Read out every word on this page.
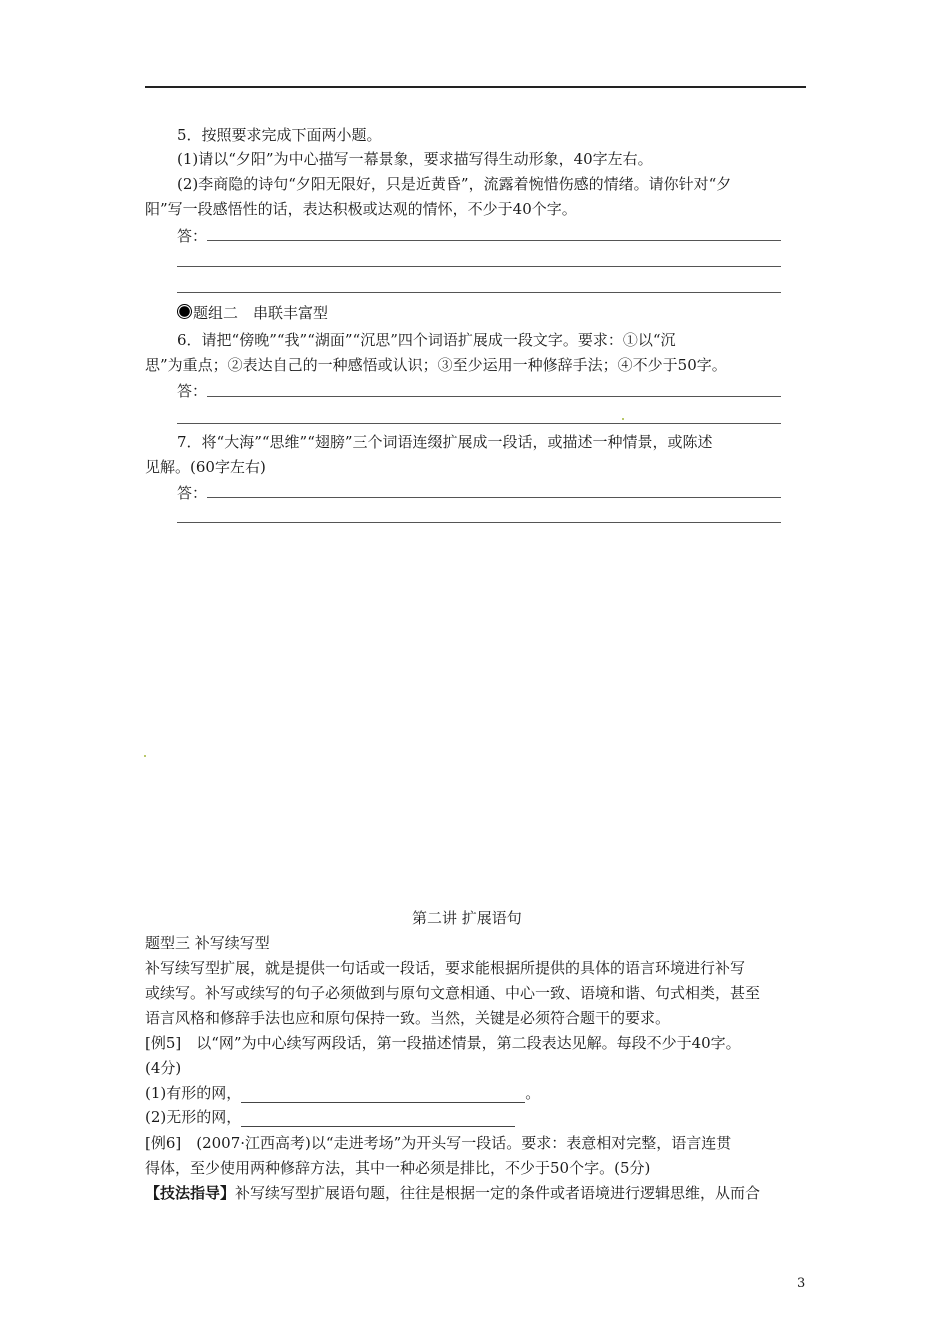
5．按照要求完成下面两小题。
(1)请以“夕阳”为中心描写一幕景象，要求描写得生动形象，40字左右。
(2)李商隐的诗句“夕阳无限好，只是近黄昏”，流露着惋惜伤感的情绪。请你针对“夕
阳”写一段感悟性的话，表达积极或达观的情怀，不少于40个字。
答：
题组二　串联丰富型
6．请把“傍晚”“我”“湖面”“沉思”四个词语扩展成一段文字。要求：①以“沉
思”为重点；②表达自己的一种感悟或认识；③至少运用一种修辞手法；④不少于50字。
答：
7．将“大海”“思维”“翅膀”三个词语连缀扩展成一段话，或描述一种情景，或陈述
见解。(60字左右)
答：
第二讲 扩展语句
题型三 补写续写型
补写续写型扩展，就是提供一句话或一段话，要求能根据所提供的具体的语言环境进行补写
或续写。补写或续写的句子必须做到与原句文意相通、中心一致、语境和谐、句式相类，甚至
语言风格和修辞手法也应和原句保持一致。当然，关键是必须符合题干的要求。
[例5]　以“网”为中心续写两段话，第一段描述情景，第二段表达见解。每段不少于40字。
(4分)
(1)有形的网，	。
(2)无形的网，
[例6]　(2007·江西高考)以“走进考场”为开头写一段话。要求：表意相对完整，语言连贯
得体，至少使用两种修辞方法，其中一种必须是排比，不少于50个字。(5分)
【技法指导】补写续写型扩展语句题，往往是根据一定的条件或者语境进行逻辑思维，从而合
3
